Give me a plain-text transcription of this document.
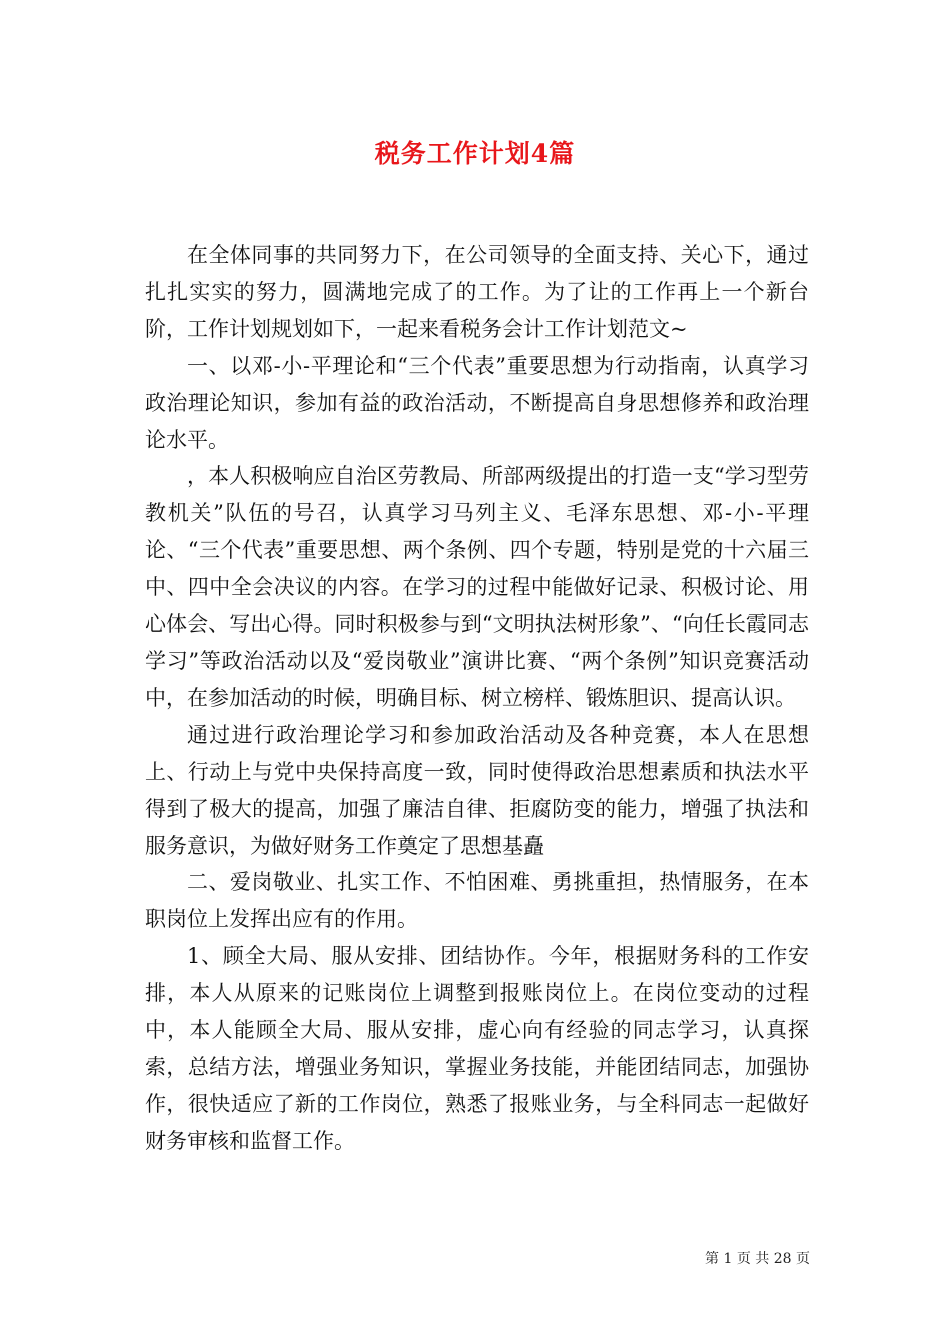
税务工作计划4篇

在全体同事的共同努力下，在公司领导的全面支持、关心下，通过扎扎实实的努力，圆满地完成了的工作。为了让的工作再上一个新台阶，工作计划规划如下，一起来看税务会计工作计划范文~

一、以邓-小-平理论和“三个代表”重要思想为行动指南，认真学习政治理论知识，参加有益的政治活动，不断提高自身思想修养和政治理论水平。

，本人积极响应自治区劳教局、所部两级提出的打造一支“学习型劳教机关”队伍的号召，认真学习马列主义、毛泽东思想、邓-小-平理论、“三个代表”重要思想、两个条例、四个专题，特别是党的十六届三中、四中全会决议的内容。在学习的过程中能做好记录、积极讨论、用心体会、写出心得。同时积极参与到“文明执法树形象”、“向任长霞同志学习”等政治活动以及“爱岗敬业”演讲比赛、“两个条例”知识竞赛活动中，在参加活动的时候，明确目标、树立榜样、锻炼胆识、提高认识。

通过进行政治理论学习和参加政治活动及各种竞赛，本人在思想上、行动上与党中央保持高度一致，同时使得政治思想素质和执法水平得到了极大的提高，加强了廉洁自律、拒腐防变的能力，增强了执法和服务意识，为做好财务工作奠定了思想基矗

二、爱岗敬业、扎实工作、不怕困难、勇挑重担，热情服务，在本职岗位上发挥出应有的作用。

1、顾全大局、服从安排、团结协作。今年，根据财务科的工作安排，本人从原来的记账岗位上调整到报账岗位上。在岗位变动的过程中，本人能顾全大局、服从安排，虚心向有经验的同志学习，认真探索，总结方法，增强业务知识，掌握业务技能，并能团结同志，加强协作，很快适应了新的工作岗位，熟悉了报账业务，与全科同志一起做好财务审核和监督工作。

第 1 页 共 28 页
